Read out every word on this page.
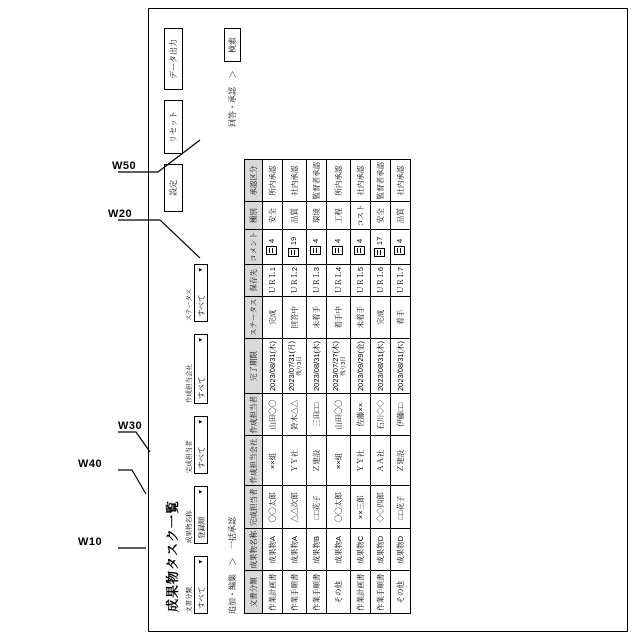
成果物タスク一覧 文書分類 すべて
▾
成果物名称 登録順
▾
完成担当者 すべて
▾
作成担当会社 すべて
▾
ステータス すべて
▾
設定
リセット
データ出力
追加・編集
＞
一括承認
回答・承認
＞
検索
文書分類	成果物名称	完成担当者	作成担当会社	作成担当者	完了期限	ステータス	保存先	コメント	種別	承認区分
作業計画書	成果物A	〇〇太郎	××組	山田〇〇	2023/08/31(木)	完成	ＵＲＬ1	4	安全	所内承認
作業手順書	成果物A	△△次郎	ＹＹ社	鈴木△△	2023/07/31(月) 残り3日	回答中	ＵＲＬ2	19	品質	社内承認
作業手順書	成果物B	□□花子	Ｚ建設	三田□□	2023/08/31(木)	未着手	ＵＲＬ3	4	環境	監督者承認
その他	成果物A	〇〇太郎	××組	山田〇〇	2023/07/27(木) 残り3日	着手中	ＵＲＬ4	4	工程	所内承認
作業計画書	成果物C	××三郎	ＹＹ社	佐藤××	2023/09/29(金)	未着手	ＵＲＬ5	4	コスト	社内承認
作業手順書	成果物D	◇◇四郎	ＡＡ社	石川◇◇	2023/08/31(木)	完成	ＵＲＬ6	17	安全	監督者承認
その他	成果物D	□□花子	Ｚ建設	伊藤□□	2023/08/31(木)	着手	ＵＲＬ7	4	品質	社内承認
W10
W40
W30
W20
W50
